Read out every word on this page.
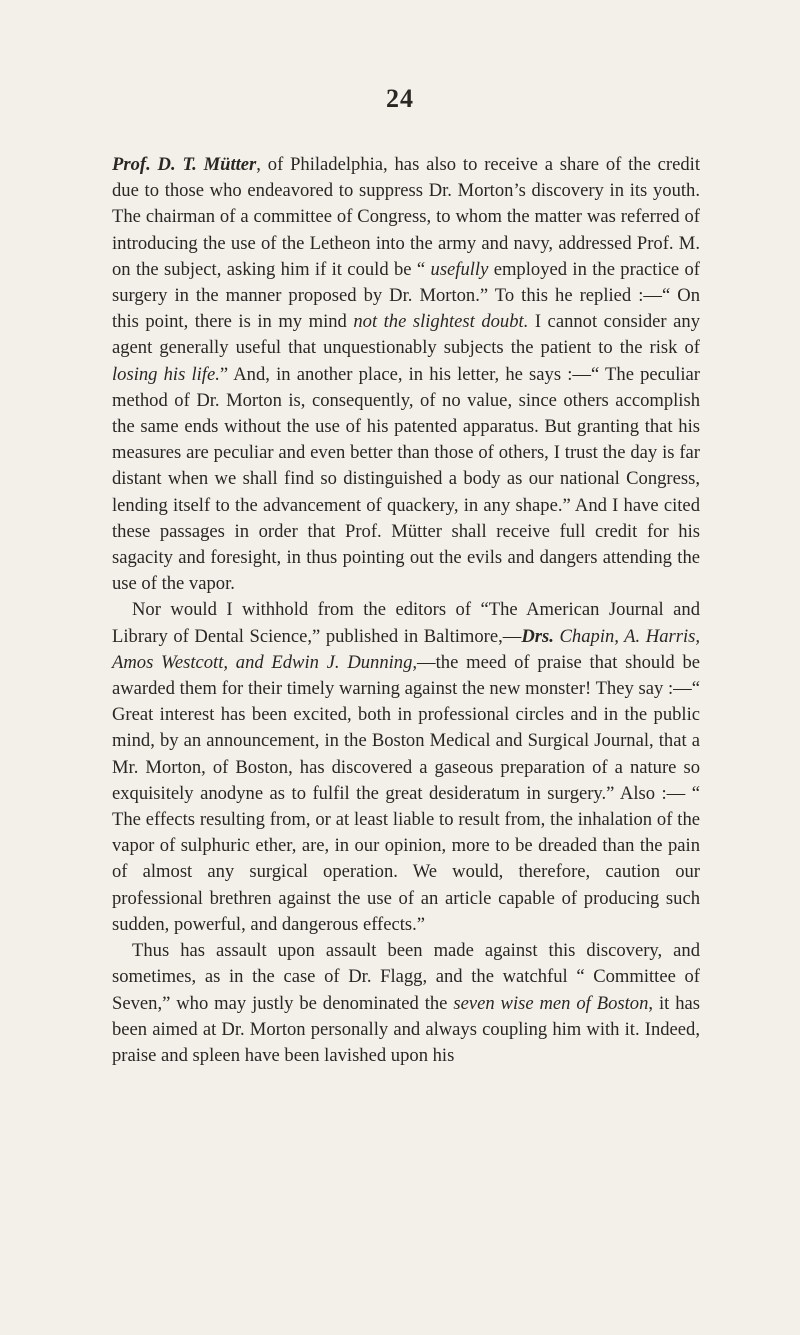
24

Prof. D. T. Mütter, of Philadelphia, has also to receive a share of the credit due to those who endeavored to suppress Dr. Morton’s discovery in its youth. The chairman of a committee of Congress, to whom the matter was referred of introducing the use of the Letheon into the army and navy, addressed Prof. M. on the subject, asking him if it could be “ usefully employed in the practice of surgery in the manner proposed by Dr. Morton.” To this he replied :—“ On this point, there is in my mind not the slightest doubt. I cannot consider any agent generally useful that unquestionably subjects the patient to the risk of losing his life.” And, in another place, in his letter, he says :—“ The peculiar method of Dr. Morton is, consequently, of no value, since others accomplish the same ends without the use of his patented apparatus. But granting that his measures are peculiar and even better than those of others, I trust the day is far distant when we shall find so distinguished a body as our national Congress, lending itself to the advancement of quackery, in any shape.” And I have cited these passages in order that Prof. Mütter shall receive full credit for his sagacity and foresight, in thus pointing out the evils and dangers attending the use of the vapor.

Nor would I withhold from the editors of “The American Journal and Library of Dental Science,” published in Baltimore,—Drs. Chapin, A. Harris, Amos Westcott, and Edwin J. Dunning,—the meed of praise that should be awarded them for their timely warning against the new monster! They say :—“ Great interest has been excited, both in professional circles and in the public mind, by an announcement, in the Boston Medical and Surgical Journal, that a Mr. Morton, of Boston, has discovered a gaseous preparation of a nature so exquisitely anodyne as to fulfil the great desideratum in surgery.” Also :— “ The effects resulting from, or at least liable to result from, the inhalation of the vapor of sulphuric ether, are, in our opinion, more to be dreaded than the pain of almost any surgical operation. We would, therefore, caution our professional brethren against the use of an article capable of producing such sudden, powerful, and dangerous effects.”

Thus has assault upon assault been made against this discovery, and sometimes, as in the case of Dr. Flagg, and the watchful “ Committee of Seven,” who may justly be denominated the seven wise men of Boston, it has been aimed at Dr. Morton personally and always coupling him with it. Indeed, praise and spleen have been lavished upon his
